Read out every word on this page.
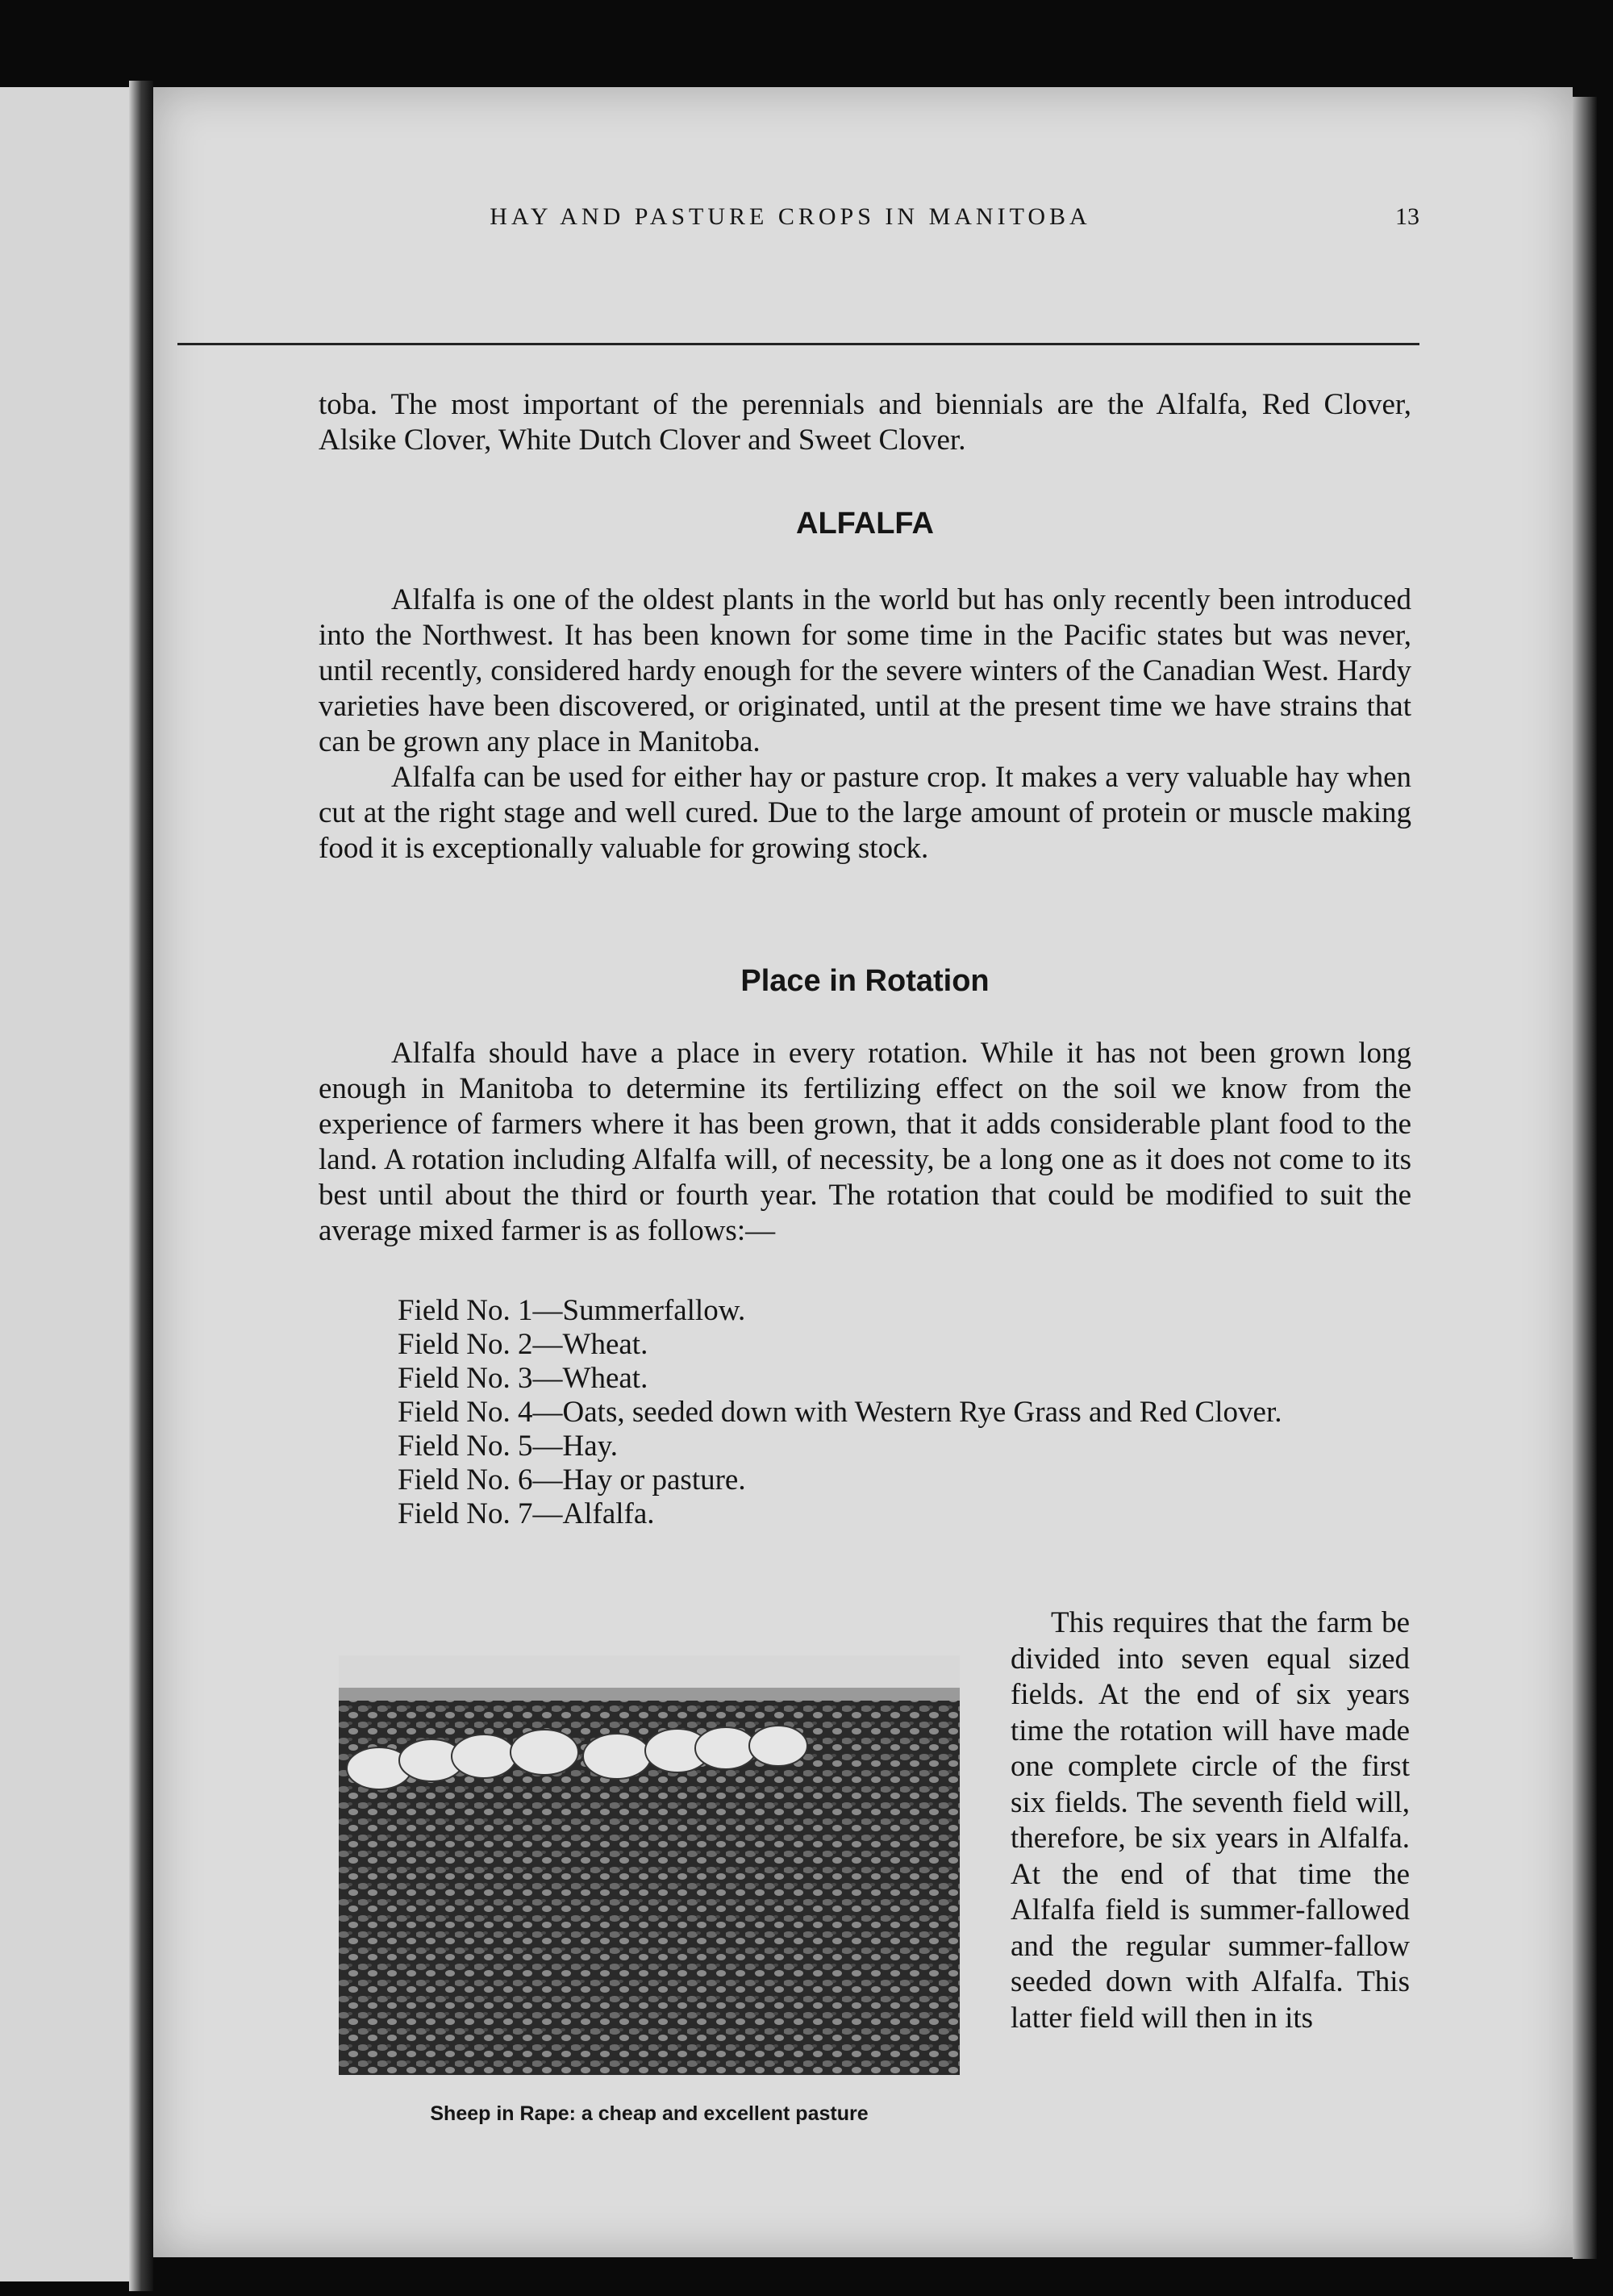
HAY AND PASTURE CROPS IN MANITOBA	13

toba. The most important of the perennials and biennials are the Alfalfa, Red Clover, Alsike Clover, White Dutch Clover and Sweet Clover.

ALFALFA

Alfalfa is one of the oldest plants in the world but has only recently been introduced into the Northwest. It has been known for some time in the Pacific states but was never, until recently, considered hardy enough for the severe winters of the Canadian West. Hardy varieties have been discovered, or originated, until at the present time we have strains that can be grown any place in Manitoba.

Alfalfa can be used for either hay or pasture crop. It makes a very valuable hay when cut at the right stage and well cured. Due to the large amount of protein or muscle making food it is exceptionally valuable for growing stock.

Place in Rotation

Alfalfa should have a place in every rotation. While it has not been grown long enough in Manitoba to determine its fertilizing effect on the soil we know from the experience of farmers where it has been grown, that it adds considerable plant food to the land. A rotation including Alfalfa will, of necessity, be a long one as it does not come to its best until about the third or fourth year. The rotation that could be modified to suit the average mixed farmer is as follows:—

Field No. 1—Summerfallow.
Field No. 2—Wheat.
Field No. 3—Wheat.
Field No. 4—Oats, seeded down with Western Rye Grass and Red Clover.
Field No. 5—Hay.
Field No. 6—Hay or pasture.
Field No. 7—Alfalfa.
Sheep in Rape: a cheap and excellent pasture

This requires that the farm be divided into seven equal sized fields. At the end of six years time the rotation will have made one complete circle of the first six fields. The seventh field will, therefore, be six years in Alfalfa. At the end of that time the Alfalfa field is summer-fallowed and the regular summer-fallow seeded down with Alfalfa. This latter field will then in its
